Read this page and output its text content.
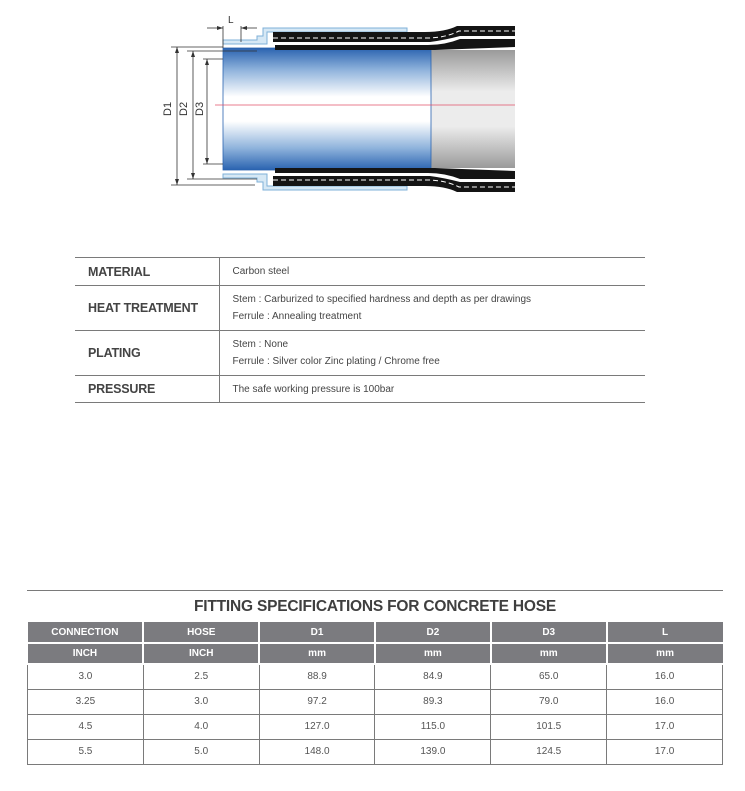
D1 D2 D3
L
MATERIAL	Carbon steel

HEAT TREATMENT	Stem : Carburized to specified hardness and depth as per drawings
Ferrule : Annealing treatment

PLATING	Stem : None
Ferrule : Silver color Zinc plating / Chrome free

PRESSURE	The safe working pressure is 100bar
FITTING SPECIFICATIONS FOR CONCRETE HOSE
CONNECTION	HOSE	D1	D2	D3	L
INCH	INCH	mm	mm	mm	mm
3.0	2.5	88.9	84.9	65.0	16.0
3.25	3.0	97.2	89.3	79.0	16.0
4.5	4.0	127.0	115.0	101.5	17.0
5.5	5.0	148.0	139.0	124.5	17.0
